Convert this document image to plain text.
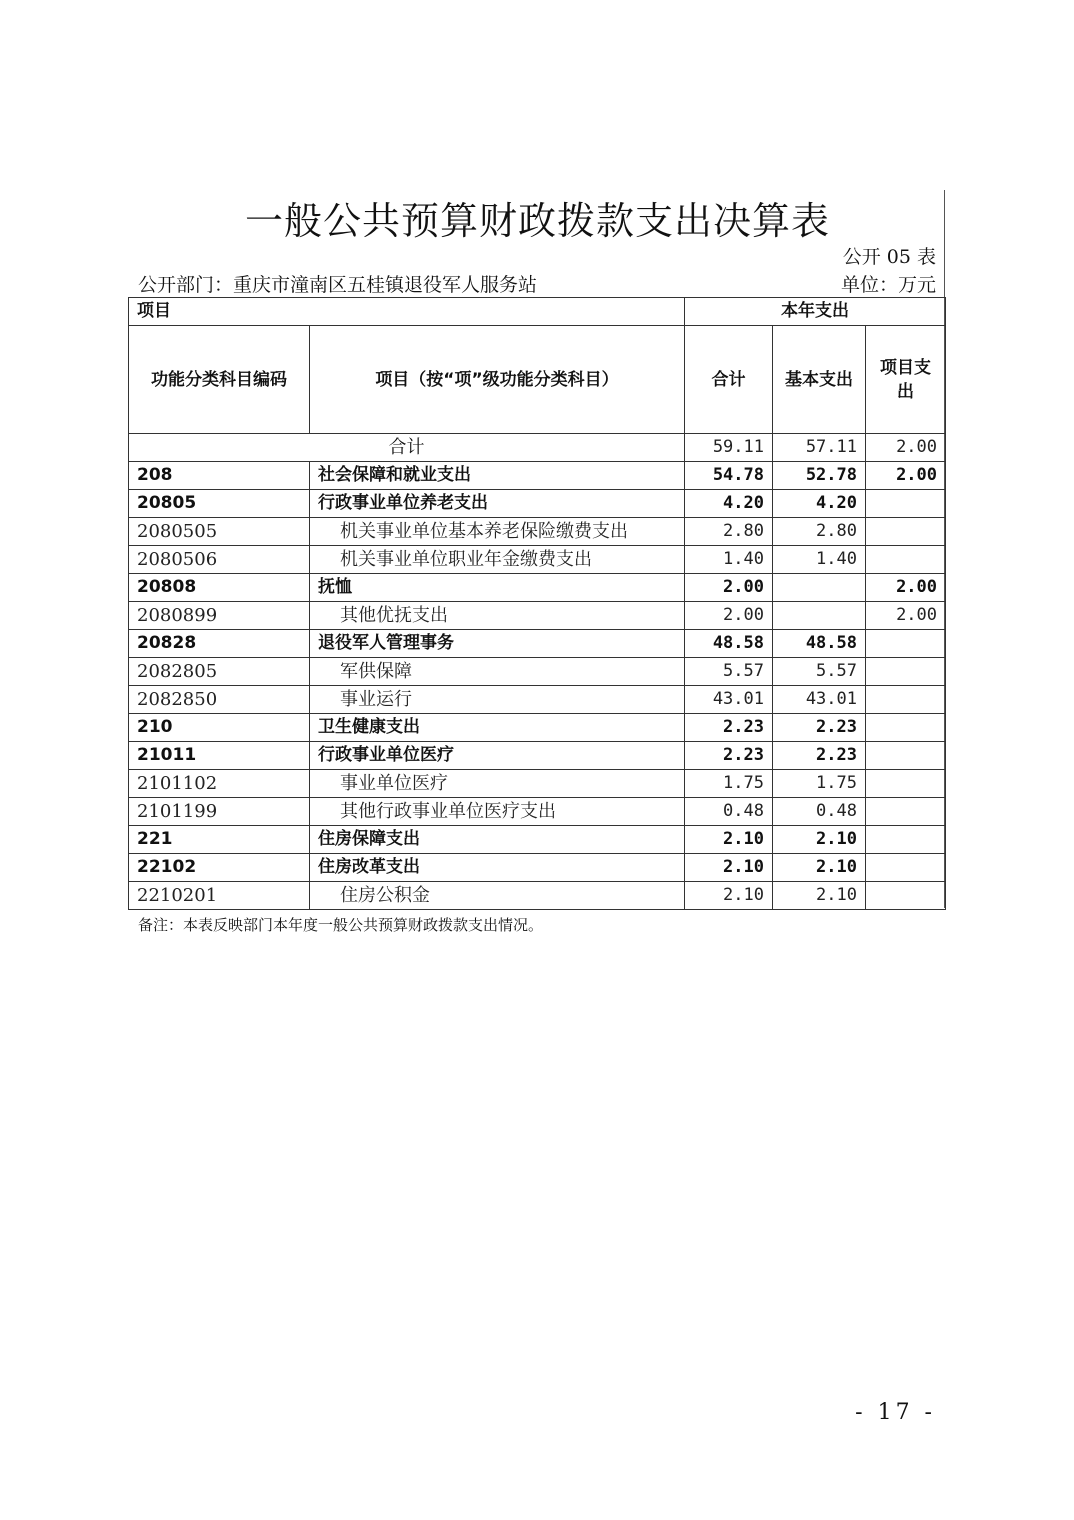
一般公共预算财政拨款支出决算表
公开 05 表
公开部门：重庆市潼南区五桂镇退役军人服务站	单位：万元
项目		本年支出		
功能分类科目编码	项目（按“项”级功能分类科目）	合计	基本支出	项目支出
合计		59.11	57.11	2.00
208	社会保障和就业支出	54.78	52.78	2.00
20805	行政事业单位养老支出	4.20	4.20	
2080505	机关事业单位基本养老保险缴费支出	2.80	2.80	
2080506	机关事业单位职业年金缴费支出	1.40	1.40	
20808	抚恤	2.00		2.00
2080899	其他优抚支出	2.00		2.00
20828	退役军人管理事务	48.58	48.58	
2082805	军供保障	5.57	5.57	
2082850	事业运行	43.01	43.01	
210	卫生健康支出	2.23	2.23	
21011	行政事业单位医疗	2.23	2.23	
2101102	事业单位医疗	1.75	1.75	
2101199	其他行政事业单位医疗支出	0.48	0.48	
221	住房保障支出	2.10	2.10	
22102	住房改革支出	2.10	2.10	
2210201	住房公积金	2.10	2.10	
备注：本表反映部门本年度一般公共预算财政拨款支出情况。
- 17 -
